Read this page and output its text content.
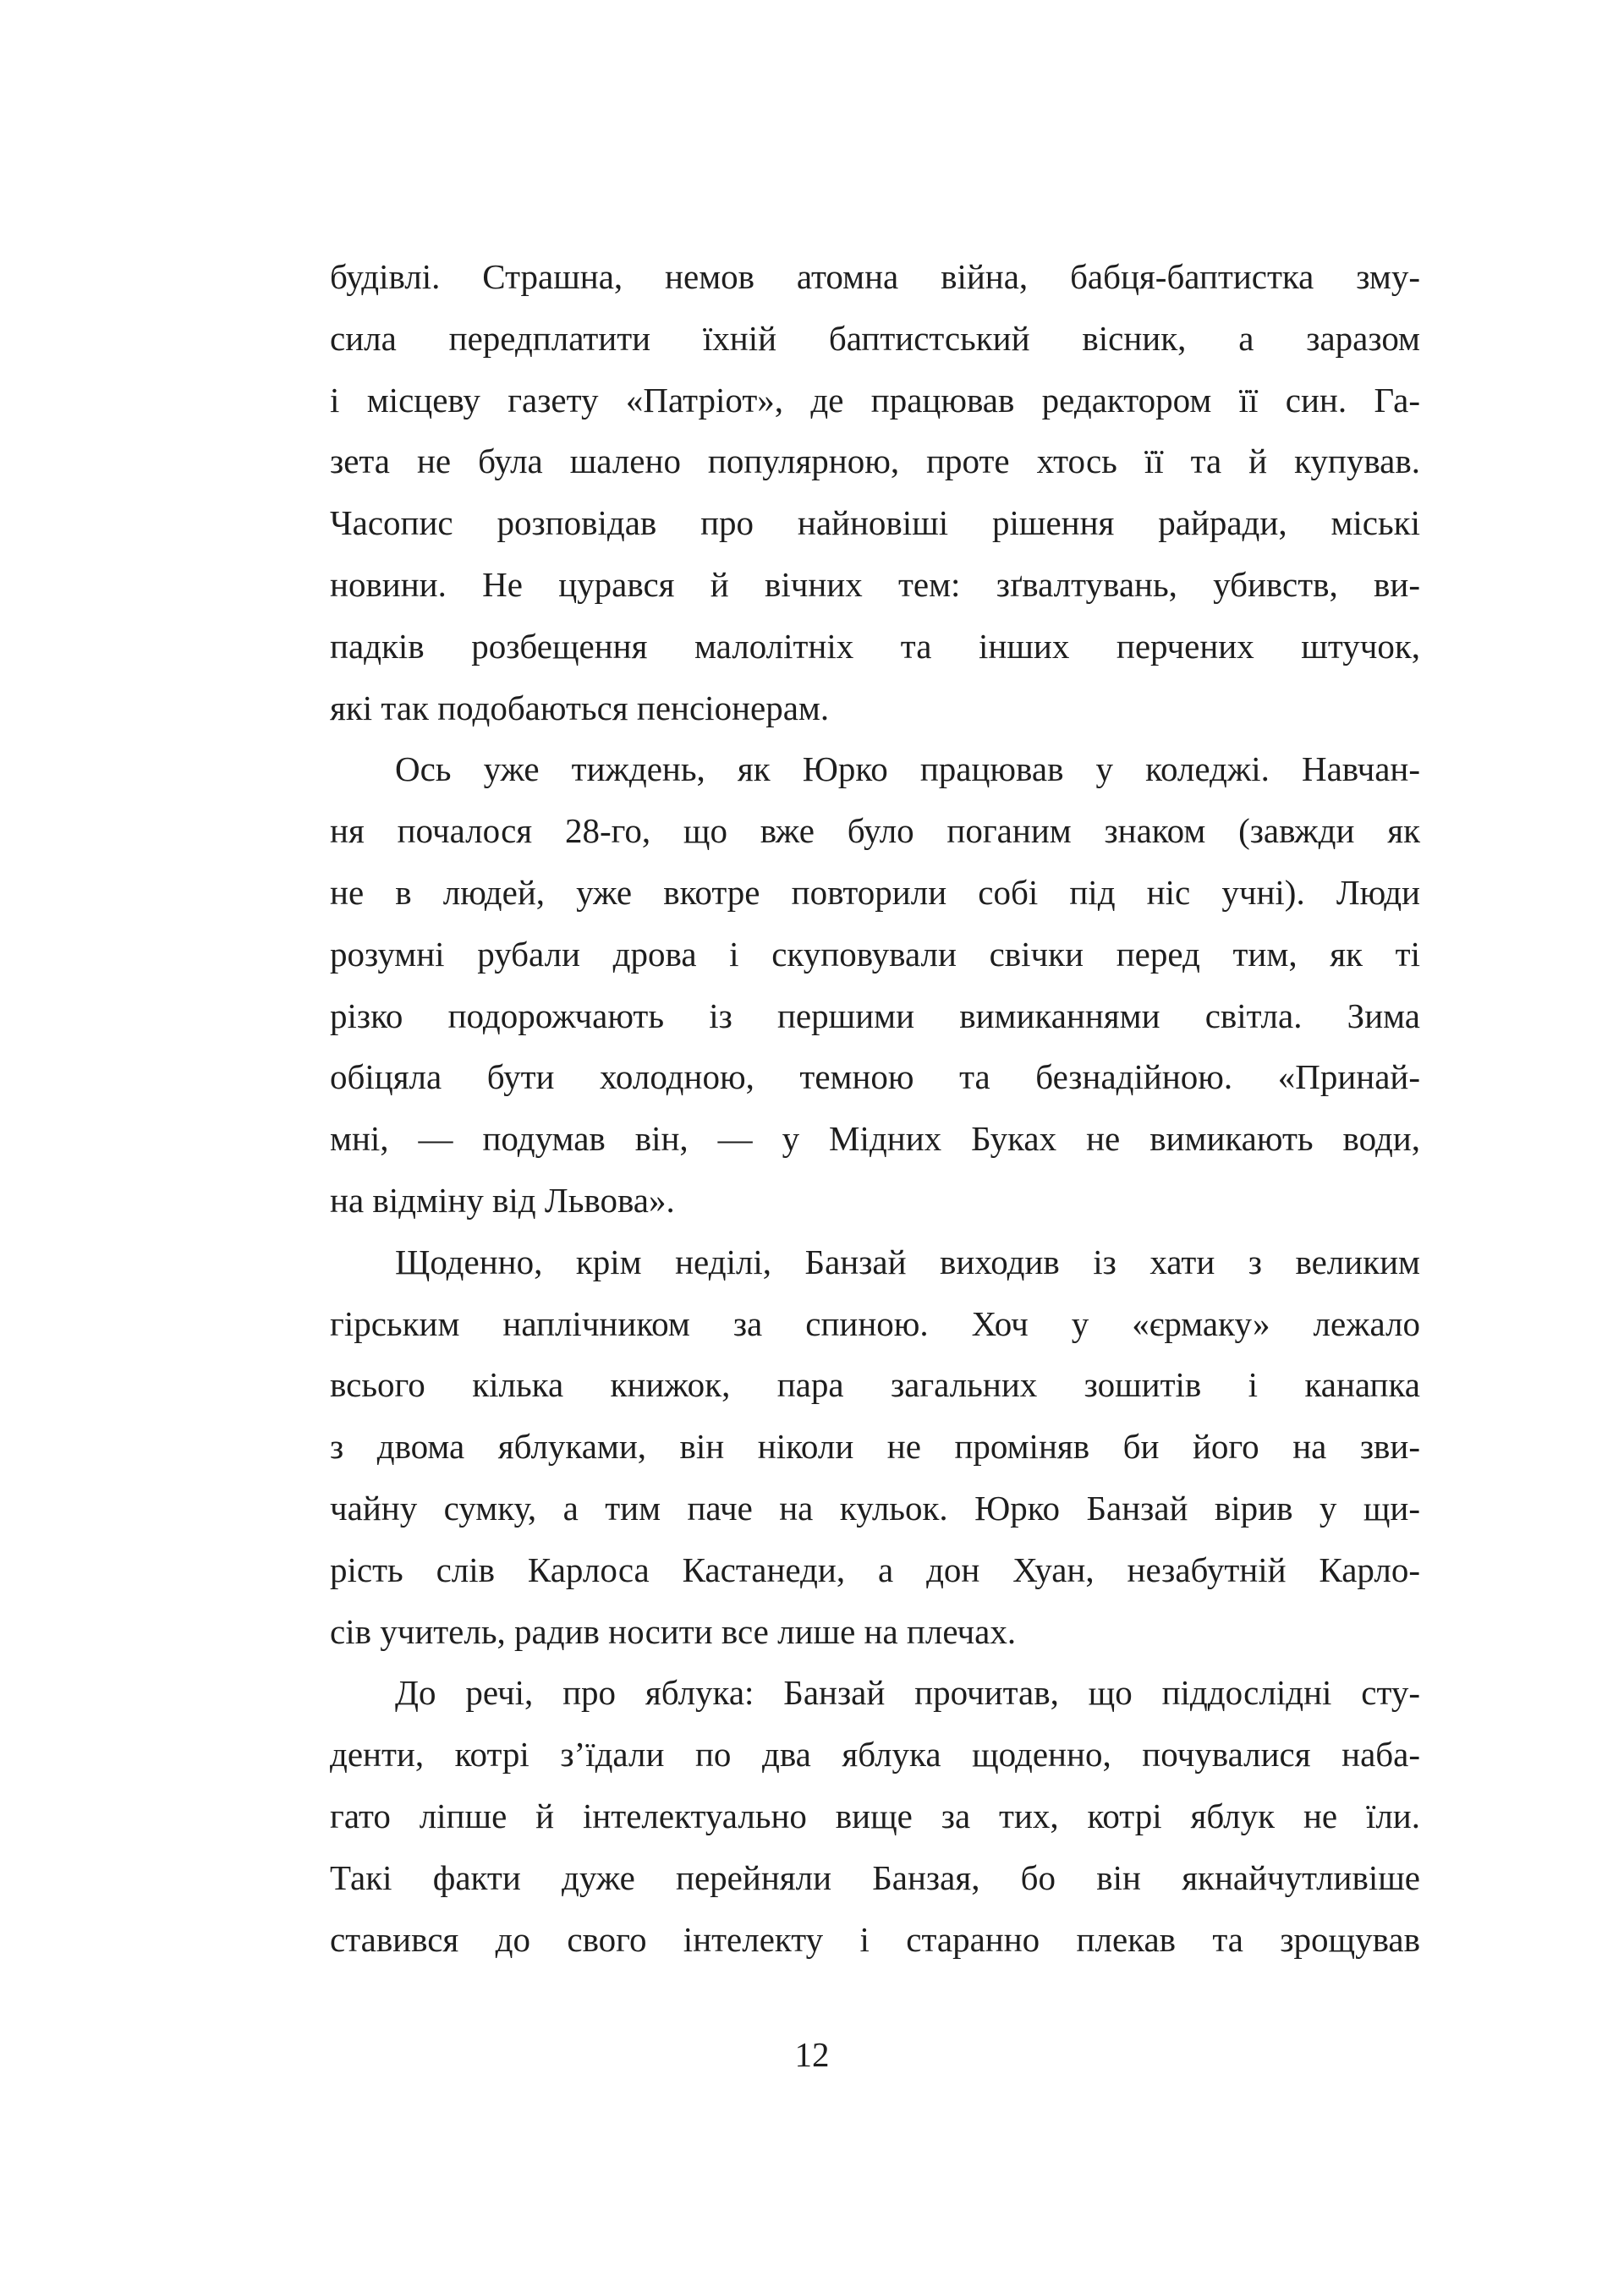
будівлі. Страшна, немов атомна війна, бабця-баптистка зму-
сила передплатити їхній баптистський вісник, а заразом
і місцеву газету «Патріот», де працював редактором її син. Га-
зета не була шалено популярною, проте хтось її та й купував.
Часопис розповідав про найновіші рішення райради, міські
новини. Не цурався й вічних тем: зґвалтувань, убивств, ви-
падків розбещення малолітніх та інших перчених штучок,
які так подобаються пенсіонерам.
Ось уже тиждень, як Юрко працював у коледжі. Навчан-
ня почалося 28-го, що вже було поганим знаком (завжди як
не в людей, уже вкотре повторили собі під ніс учні). Люди
розумні рубали дрова і скуповували свічки перед тим, як ті
різко подорожчають із першими вимиканнями світла. Зима
обіцяла бути холодною, темною та безнадійною. «Принай-
мні, — подумав він, — у Мідних Буках не вимикають води,
на відміну від Львова».
Щоденно, крім неділі, Банзай виходив із хати з великим
гірським наплічником за спиною. Хоч у «єрмаку» лежало
всього кілька книжок, пара загальних зошитів і канапка
з двома яблуками, він ніколи не проміняв би його на зви-
чайну сумку, а тим паче на кульок. Юрко Банзай вірив у щи-
рість слів Карлоса Кастанеди, а дон Хуан, незабутній Карло-
сів учитель, радив носити все лише на плечах.
До речі, про яблука: Банзай прочитав, що піддослідні сту-
денти, котрі з’їдали по два яблука щоденно, почувалися наба-
гато ліпше й інтелектуально вище за тих, котрі яблук не їли.
Такі факти дуже перейняли Банзая, бо він якнайчутливіше
ставився до свого інтелекту і старанно плекав та зрощував
12
